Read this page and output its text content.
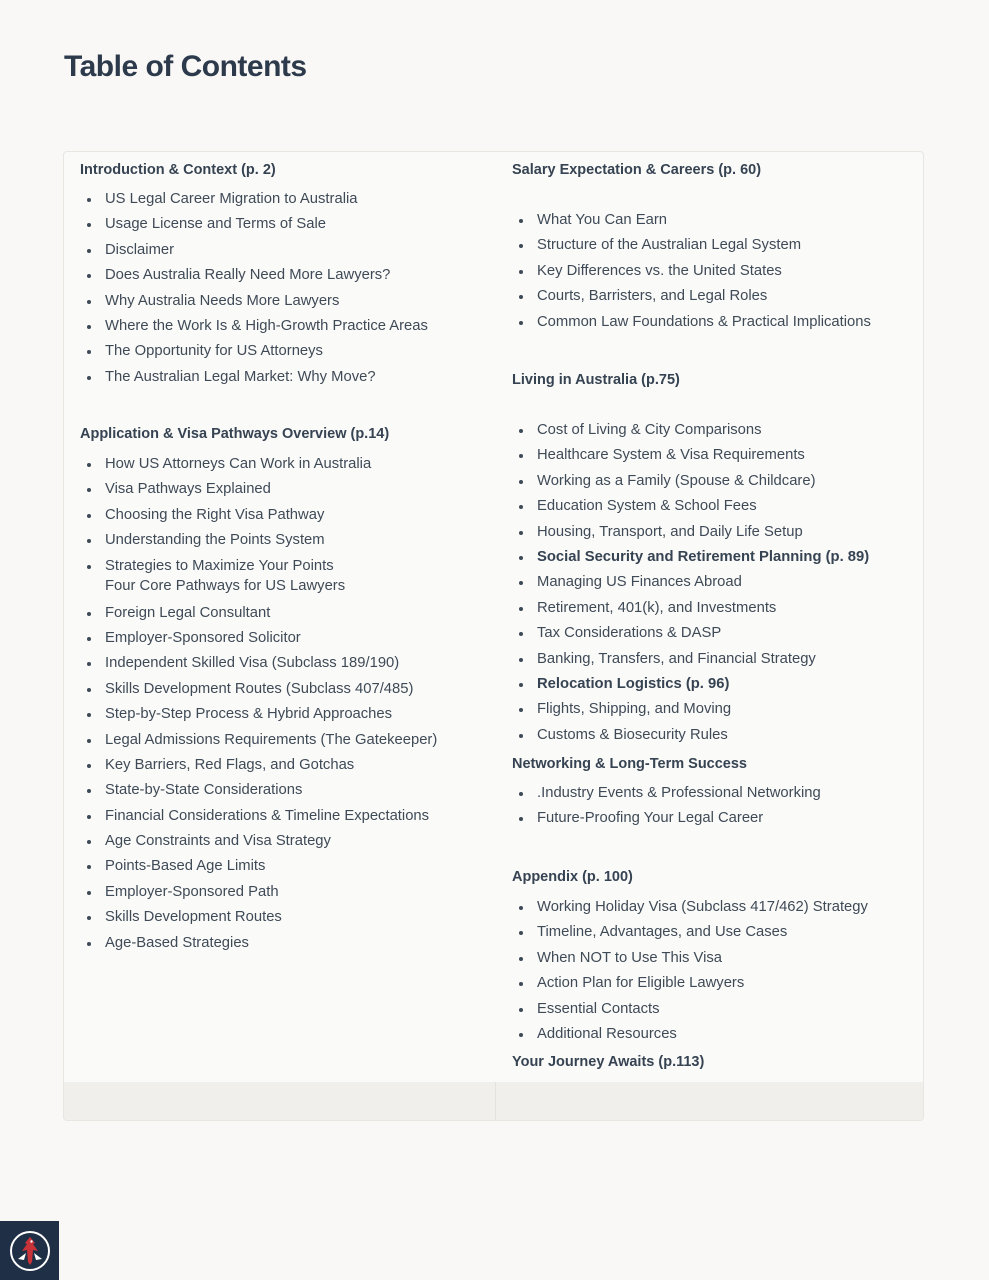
Table of Contents
Introduction & Context (p. 2)
US Legal Career Migration to Australia
Usage License and Terms of Sale
Disclaimer
Does Australia Really Need More Lawyers?
Why Australia Needs More Lawyers
Where the Work Is & High-Growth Practice Areas
The Opportunity for US Attorneys
The Australian Legal Market: Why Move?
Application & Visa Pathways Overview (p.14)
How US Attorneys Can Work in Australia
Visa Pathways Explained
Choosing the Right Visa Pathway
Understanding the Points System
Strategies to Maximize Your Points
Four Core Pathways for US Lawyers
Foreign Legal Consultant
Employer-Sponsored Solicitor
Independent Skilled Visa (Subclass 189/190)
Skills Development Routes (Subclass 407/485)
Step-by-Step Process & Hybrid Approaches
Legal Admissions Requirements (The Gatekeeper)
Key Barriers, Red Flags, and Gotchas
State-by-State Considerations
Financial Considerations & Timeline Expectations
Age Constraints and Visa Strategy
Points-Based Age Limits
Employer-Sponsored Path
Skills Development Routes
Age-Based Strategies
Salary Expectation & Careers (p. 60)
What You Can Earn
Structure of the Australian Legal System
Key Differences vs. the United States
Courts, Barristers, and Legal Roles
Common Law Foundations & Practical Implications
Living in Australia (p.75)
Cost of Living & City Comparisons
Healthcare System & Visa Requirements
Working as a Family (Spouse & Childcare)
Education System & School Fees
Housing, Transport, and Daily Life Setup
Social Security and Retirement Planning (p. 89)
Managing US Finances Abroad
Retirement, 401(k), and Investments
Tax Considerations & DASP
Banking, Transfers, and Financial Strategy
Relocation Logistics (p. 96)
Flights, Shipping, and Moving
Customs & Biosecurity Rules
Networking & Long-Term Success
.Industry Events & Professional Networking
Future-Proofing Your Legal Career
Appendix (p. 100)
Working Holiday Visa (Subclass 417/462) Strategy
Timeline, Advantages, and Use Cases
When NOT to Use This Visa
Action Plan for Eligible Lawyers
Essential Contacts
Additional Resources
Your Journey Awaits (p.113)
